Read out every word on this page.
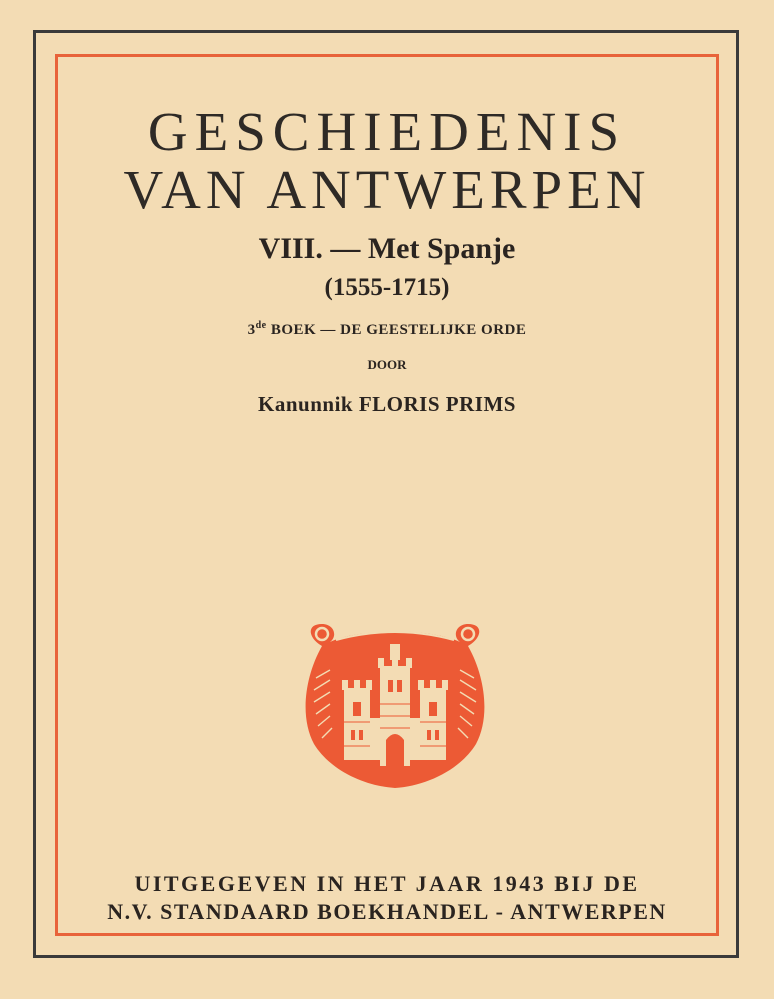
GESCHIEDENIS
VAN ANTWERPEN
VIII. — Met Spanje
(1555-1715)
3de BOEK — DE GEESTELIJKE ORDE
DOOR
Kanunnik FLORIS PRIMS
UITGEGEVEN IN HET JAAR 1943 BIJ DE
N.V. STANDAARD BOEKHANDEL - ANTWERPEN
